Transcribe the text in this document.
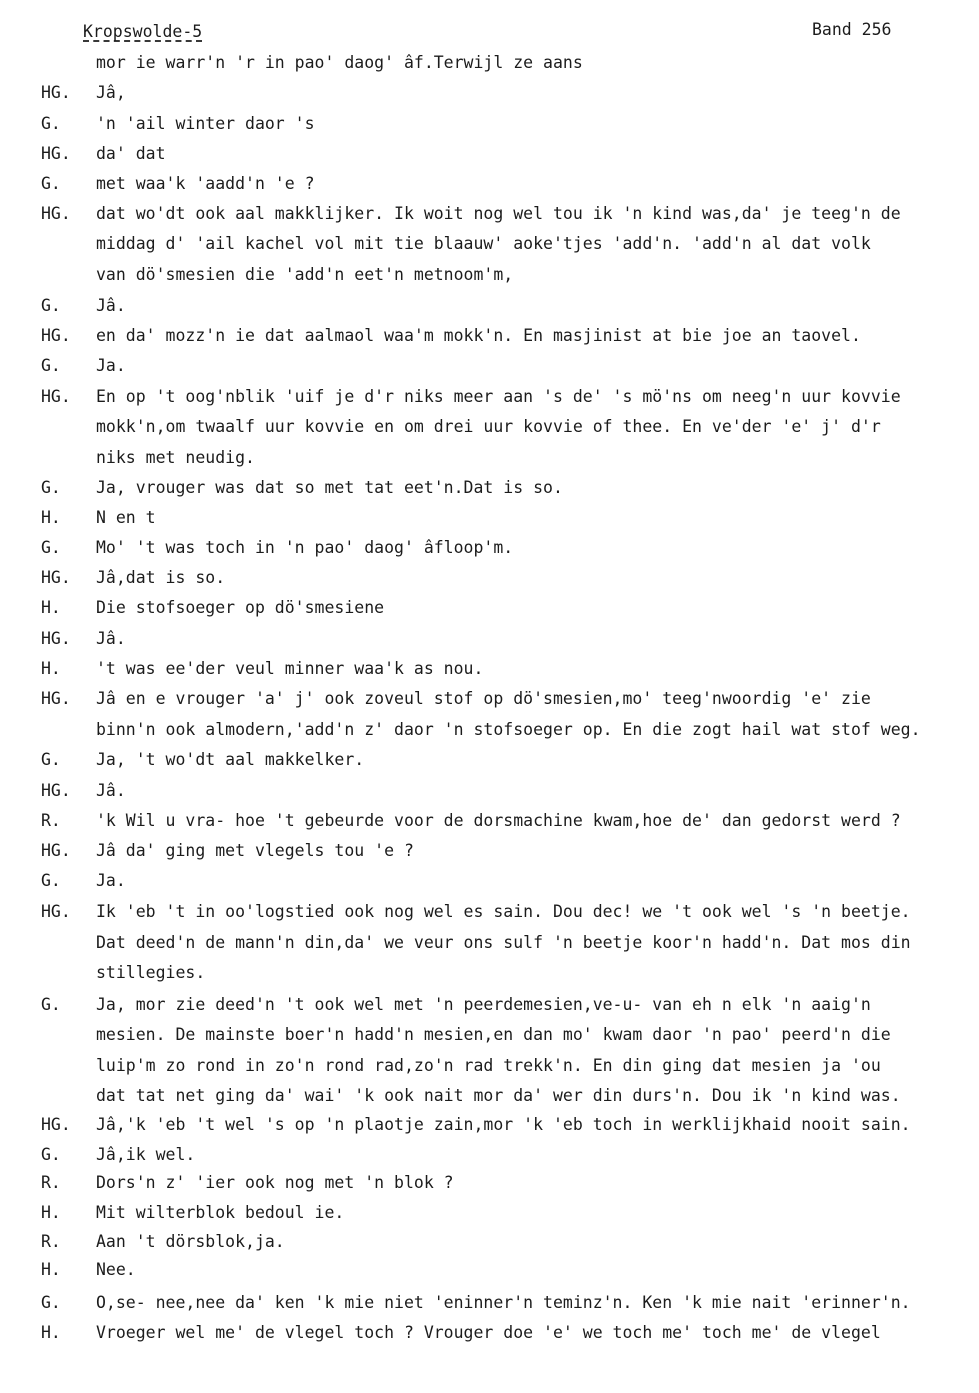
Kropswolde-5	Band 256
mor ie warr'n 'r in pao' daog' âf.Terwijl ze aans
HG.	Jâ,
G.	'n 'ail winter daor 's
HG.	da' dat
G.	met waa'k 'aadd'n 'e ?
HG.	dat wo'dt ook aal makklijker. Ik woit nog wel tou ik 'n kind was,da' je teeg'n de
middag d' 'ail kachel vol mit tie blaauw' aoke'tjes 'add'n. 'add'n al dat volk
van dö'smesien die 'add'n eet'n metnoom'm,
G.	Jâ.
HG.	en da' mozz'n ie dat aalmaol waa'm mokk'n. En masjinist at bie joe an taovel.
G.	Ja.
HG.	En op 't oog'nblik 'uif je d'r niks meer aan 's de' 's mö'ns om neeg'n uur kovvie
mokk'n,om twaalf uur kovvie en om drei uur kovvie of thee. En ve'der 'e' j' d'r
niks met neudig.
G.	Ja, vrouger was dat so met tat eet'n.Dat is so.
H.	N en t
G.	Mo' 't was toch in 'n pao' daog' âfloop'm.
HG.	Jâ,dat is so.
H.	Die stofsoeger op dö'smesiene
HG.	Jâ.
H.	't was ee'der veul minner waa'k as nou.
HG.	Jâ en e vrouger 'a' j' ook zoveul stof op dö'smesien,mo' teeg'nwoordig 'e' zie
binn'n ook almodern,'add'n z' daor 'n stofsoeger op. En die zogt hail wat stof weg.
G.	Ja, 't wo'dt aal makkelker.
HG.	Jâ.
R.	'k Wil u vra- hoe 't gebeurde voor de dorsmachine kwam,hoe de' dan gedorst werd ?
HG.	Jâ da' ging met vlegels tou 'e ?
G.	Ja.
HG.	Ik 'eb 't in oo'logstied ook nog wel es sain. Dou dec! we 't ook wel 's 'n beetje.
Dat deed'n de mann'n din,da' we veur ons sulf 'n beetje koor'n hadd'n. Dat mos din
stillegies.
G.	Ja, mor zie deed'n 't ook wel met 'n peerdemesien,ve-u- van eh n elk 'n aaig'n
mesien. De mainste boer'n hadd'n mesien,en dan mo' kwam daor 'n pao' peerd'n die
luip'm zo rond in zo'n rond rad,zo'n rad trekk'n. En din ging dat mesien ja 'ou
dat tat net ging da' wai' 'k ook nait mor da' wer din durs'n. Dou ik 'n kind was.
HG.	Jâ,'k 'eb 't wel 's op 'n plaotje zain,mor 'k 'eb toch in werklijkhaid nooit sain.
G.	Jâ,ik wel.
R.	Dors'n z' 'ier ook nog met 'n blok ?
H.	Mit wilterblok bedoul ie.
R.	Aan 't dörsblok,ja.
H.	Nee.
G.	O,se- nee,nee da' ken 'k mie niet 'eninner'n teminz'n. Ken 'k mie nait 'erinner'n.
H.	Vroeger wel me' de vlegel toch ? Vrouger doe 'e' we toch me' toch me' de vlegel
